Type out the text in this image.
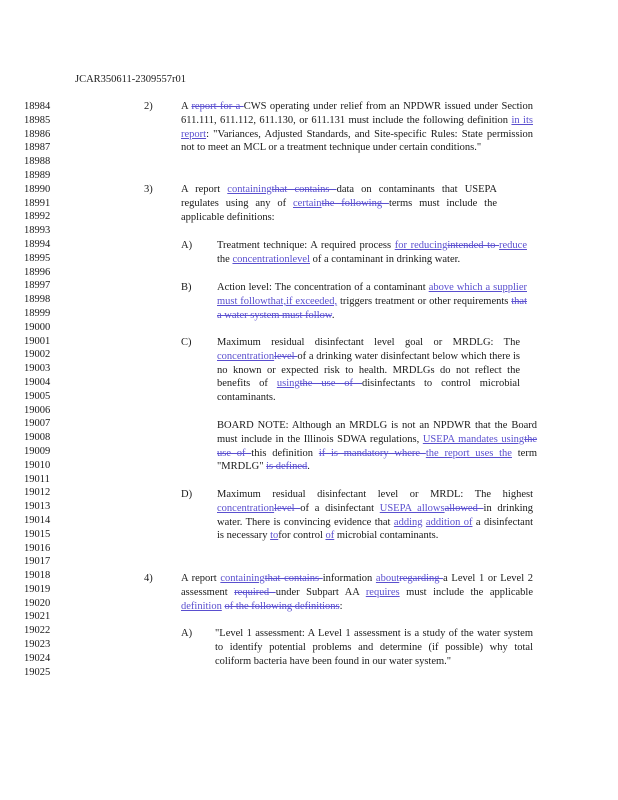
JCAR350611-2309557r01
18984
18985
18986
18987
18988
18989
18990
18991
18992
18993
18994
18995
18996
18997
18998
18999
19000
19001
19002
19003
19004
19005
19006
19007
19008
19009
19010
19011
19012
19013
19014
19015
19016
19017
19018
19019
19020
19021
19022
19023
19024
19025
2)	A report for a CWS operating under relief from an NPDWR issued under Section 611.111, 611.112, 611.130, or 611.131 must include the following definition in its report: "Variances, Adjusted Standards, and Site-specific Rules: State permission not to meet an MCL or a treatment technique under certain conditions."
3)	A report containingthat contains data on contaminants that USEPA regulates using any of certainthe following terms must include the applicable definitions:
A)	Treatment technique: A required process for reducingintended to reduce the concentrationlevel of a contaminant in drinking water.
B)	Action level: The concentration of a contaminant above which a supplier must followthat,if exceeded, triggers treatment or other requirements that a water system must follow.
C)	Maximum residual disinfectant level goal or MRDLG: The concentrationlevel of a drinking water disinfectant below which there is no known or expected risk to health. MRDLGs do not reflect the benefits of usingthe use of disinfectants to control microbial contaminants.
BOARD NOTE: Although an MRDLG is not an NPDWR that the Board must include in the Illinois SDWA regulations, USEPA mandates usingthe use of this definition if is mandatory where the report uses the term "MRDLG" is defined.
D)	Maximum residual disinfectant level or MRDL: The highest concentrationlevel of a disinfectant USEPA allowsallowed in drinking water. There is convincing evidence that adding addition of a disinfectant is necessary tofor control of microbial contaminants.
4)	A report containingthat contains information aboutregarding a Level 1 or Level 2 assessment required under Subpart AA requires must include the applicable definition of the following definitions:
A)	"Level 1 assessment: A Level 1 assessment is a study of the water system to identify potential problems and determine (if possible) why total coliform bacteria have been found in our water system."
